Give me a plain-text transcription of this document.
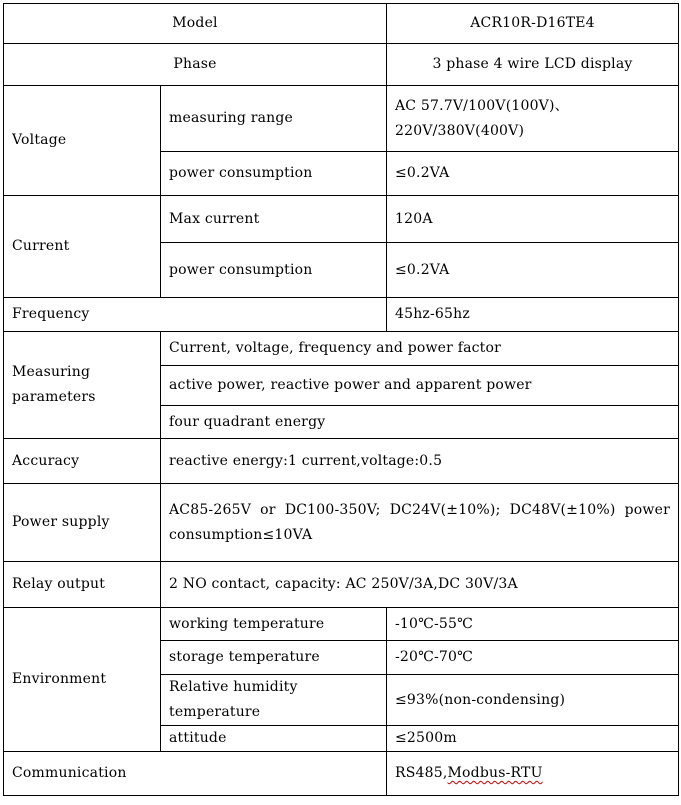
Model		ACR10R-D16TE4
Phase		3 phase 4 wire LCD display
Voltage	measuring range	AC 57.7V/100V(100V)、220V/380V(400V)
	power consumption	≤0.2VA
Current	Max current	120A
	power consumption	≤0.2VA
Frequency		45hz-65hz
Measuring parameters	Current, voltage, frequency and power factor	
	active power, reactive power and apparent power	
	four quadrant energy	
Accuracy	reactive energy:1 current,voltage:0.5	
Power supply	AC85-265V or DC100-350V; DC24V(±10%); DC48V(±10%) power consumption≤10VA	
Relay output	2 NO contact, capacity: AC 250V/3A,DC 30V/3A	
Environment	working temperature	-10℃-55℃
	storage temperature	-20℃-70℃
	Relative humidity temperature	≤93%(non-condensing)
	attitude	≤2500m
Communication		RS485,Modbus-RTU
